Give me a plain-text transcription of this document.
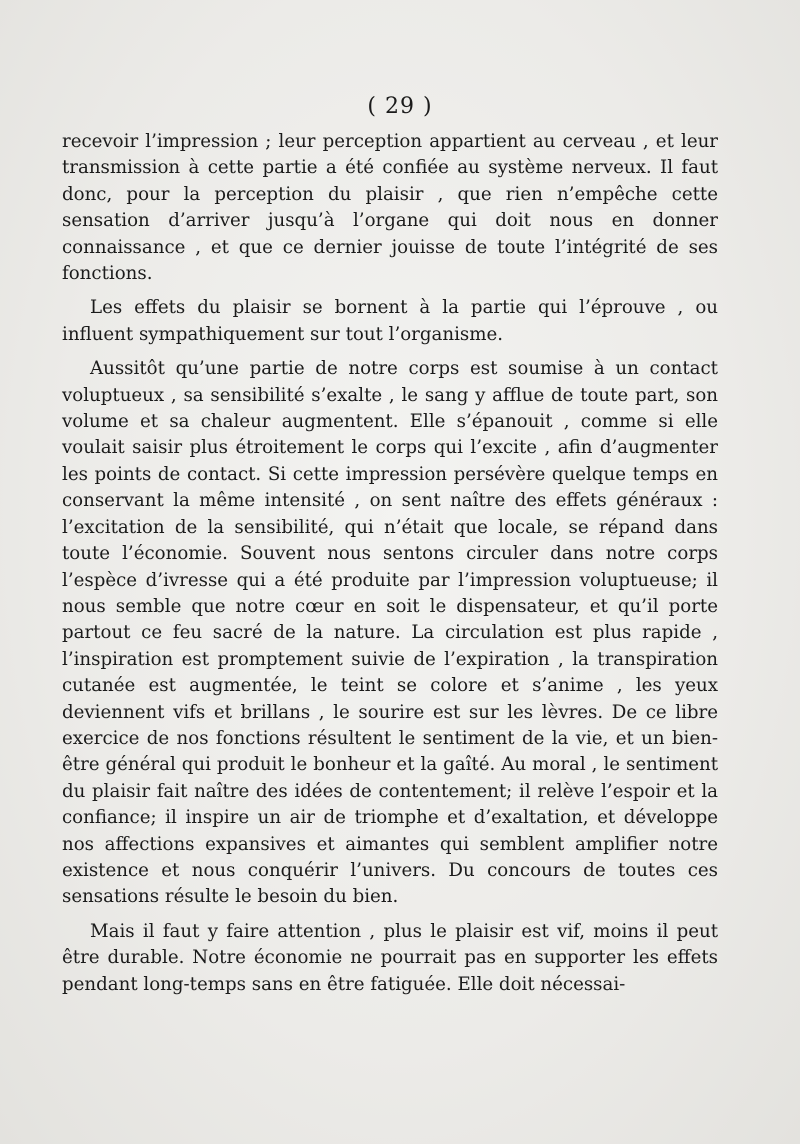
( 29 )

recevoir l’impression ; leur perception appartient au cerveau , et leur transmission à cette partie a été confiée au système nerveux. Il faut donc, pour la perception du plaisir , que rien n’empêche cette sensation d’arriver jusqu’à l’organe qui doit nous en donner connaissance , et que ce dernier jouisse de toute l’intégrité de ses fonctions.

Les effets du plaisir se bornent à la partie qui l’éprouve , ou influent sympathiquement sur tout l’organisme.

Aussitôt qu’une partie de notre corps est soumise à un contact voluptueux , sa sensibilité s’exalte , le sang y afflue de toute part, son volume et sa chaleur augmentent. Elle s’épanouit , comme si elle voulait saisir plus étroitement le corps qui l’excite , afin d’augmenter les points de contact. Si cette impression persévère quelque temps en conservant la même intensité , on sent naître des effets généraux : l’excitation de la sensibilité, qui n’était que locale, se répand dans toute l’économie. Souvent nous sentons circuler dans notre corps l’espèce d’ivresse qui a été produite par l’impression voluptueuse; il nous semble que notre cœur en soit le dispensateur, et qu’il porte partout ce feu sacré de la nature. La circulation est plus rapide , l’inspiration est promptement suivie de l’expiration , la transpiration cutanée est augmentée, le teint se colore et s’anime , les yeux deviennent vifs et brillans , le sourire est sur les lèvres. De ce libre exercice de nos fonctions résultent le sentiment de la vie, et un bien-être général qui produit le bonheur et la gaîté. Au moral , le sentiment du plaisir fait naître des idées de contentement; il relève l’espoir et la confiance; il inspire un air de triomphe et d’exaltation, et développe nos affections expansives et aimantes qui semblent amplifier notre existence et nous conquérir l’univers. Du concours de toutes ces sensations résulte le besoin du bien.

Mais il faut y faire attention , plus le plaisir est vif, moins il peut être durable. Notre économie ne pourrait pas en supporter les effets pendant long-temps sans en être fatiguée. Elle doit nécessai-
